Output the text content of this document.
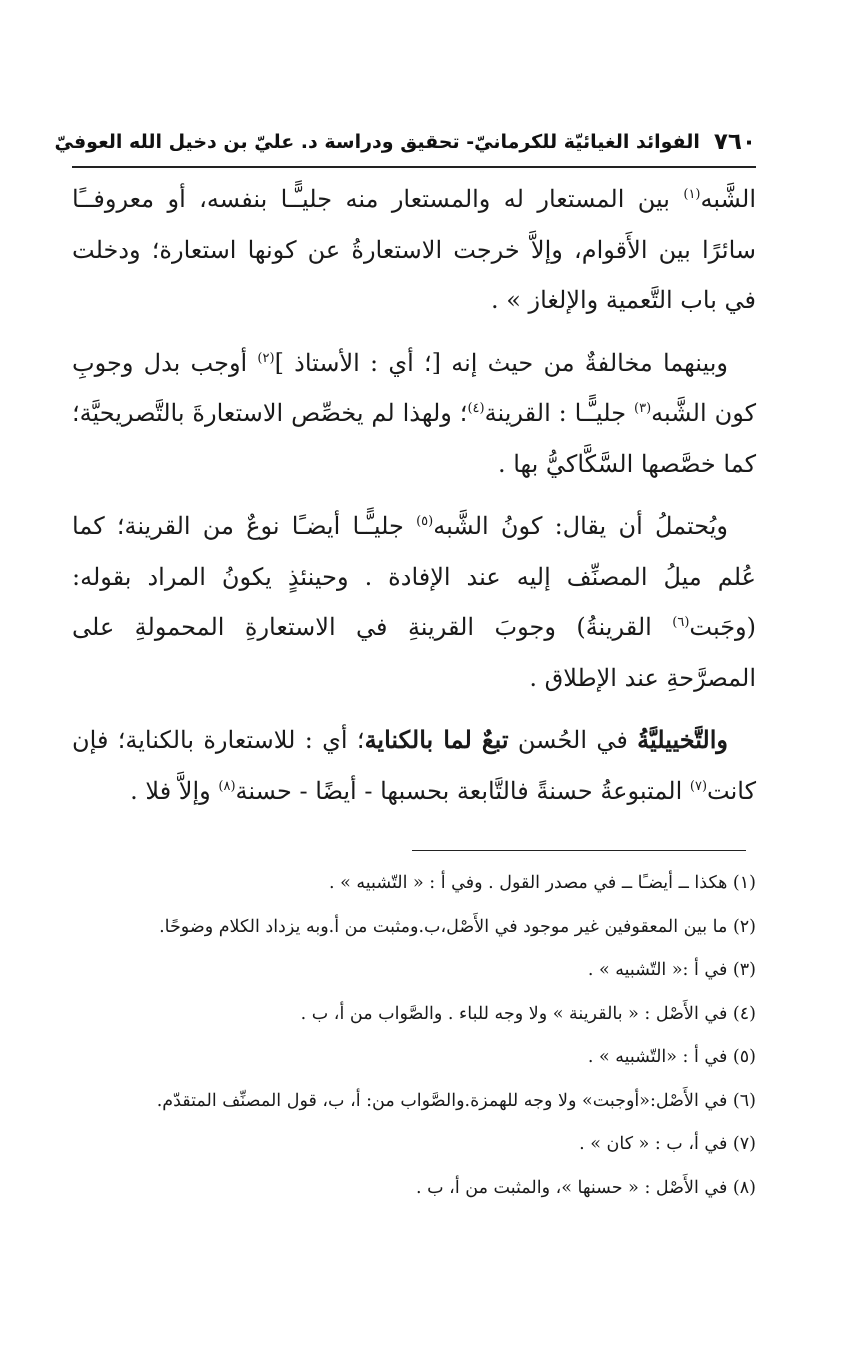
٧٦٠
الفوائد الغيائيّة للكرمانيّ- تحقيق ودراسة د. عليّ بن دخيل الله العوفيّ

الشَّبه$^{(١)}$ بين المستعار له والمستعار منه جليـًّـا بنفسه، أو معروفــًا سائرًا بين الأَقوام، وإلاَّ خرجت الاستعارةُ عن كونها استعارة؛ ودخلت في باب التَّعمية والإلغاز » .

وبينهما مخالفةٌ من حيث إنه [؛ أي : الأستاذ ]$^{(٢)}$ أوجب بدل وجوبِ كون الشَّبه$^{(٣)}$ جليـًّـا : القرينة$^{(٤)}$؛ ولهذا لم يخصِّص الاستعارةَ بالتَّصريحيَّة؛ كما خصَّصها السَّكَّاكيُّ بها .

ويُحتملُ أن يقال: كونُ الشَّبه$^{(٥)}$ جليـًّـا أيضـًا نوعٌ من القرينة؛ كما عُلم ميلُ المصنِّف إليه عند الإفادة . وحينئذٍ يكونُ المراد بقوله: (وجَبت$^{(٦)}$ القرينةُ) وجوبَ القرينةِ في الاستعارةِ المحمولةِ على المصرَّحةِ عند الإطلاق .

والتَّخييليَّةُ في الحُسن تبعٌ لما بالكناية؛ أي : للاستعارة بالكناية؛ فإن كانت$^{(٧)}$ المتبوعةُ حسنةً فالتَّابعة بحسبها - أيضًا - حسنة$^{(٨)}$ وإلاَّ فلا .

(١) هكذا ــ أيضـًا ــ في مصدر القول . وفي أ : « التّشبيه » .

(٢) ما بين المعقوفين غير موجود في الأَصْل،ب.ومثبت من أ.وبه يزداد الكلام وضوحًا.

(٣) في أ :« التّشبيه » .

(٤) في الأَصْل : « بالقرينة » ولا وجه للباء . والصَّواب من أ، ب .

(٥) في أ : «التّشبيه » .

(٦) في الأَصْل:«أوجبت» ولا وجه للهمزة.والصَّواب من: أ، ب، قول المصنِّف المتقدّم.

(٧) في أ، ب : « كان » .

(٨) في الأَصْل : « حسنها »، والمثبت من أ، ب .
